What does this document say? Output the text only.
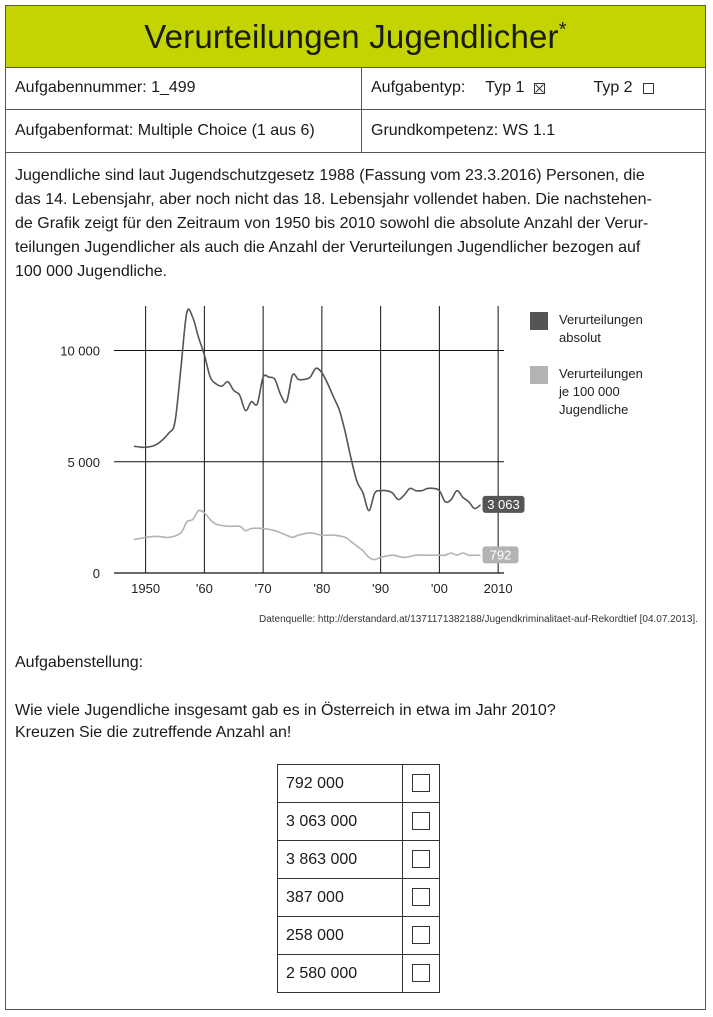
Verurteilungen Jugendlicher*
Aufgabennummer: 1_499	Aufgabentyp: Typ 1	Typ 2
Aufgabenformat: Multiple Choice (1 aus 6)	Grundkompetenz: WS 1.1
Jugendliche sind laut Jugendschutzgesetz 1988 (Fassung vom 23.3.2016) Personen, die
das 14. Lebensjahr, aber noch nicht das 18. Lebensjahr vollendet haben. Die nachstehen-
de Grafik zeigt für den Zeitraum von 1950 bis 2010 sowohl die absolute Anzahl der Verur-
teilungen Jugendlicher als auch die Anzahl der Verurteilungen Jugendlicher bezogen auf
100 000 Jugendliche.
1950	'60	'70	'80	'90	'00	2010
0
5 000
10 000
3 063
Verurteilungen
absolut
792
Verurteilungen
je 100 000
Jugendliche
Datenquelle: http://derstandard.at/1371171382188/Jugendkriminalitaet-auf-Rekordtief [04.07.2013].
Aufgabenstellung:
Wie viele Jugendliche insgesamt gab es in Österreich in etwa im Jahr 2010?
Kreuzen Sie die zutreffende Anzahl an!
792 000	
3 063 000	
3 863 000	
387 000	
258 000	
2 580 000	
